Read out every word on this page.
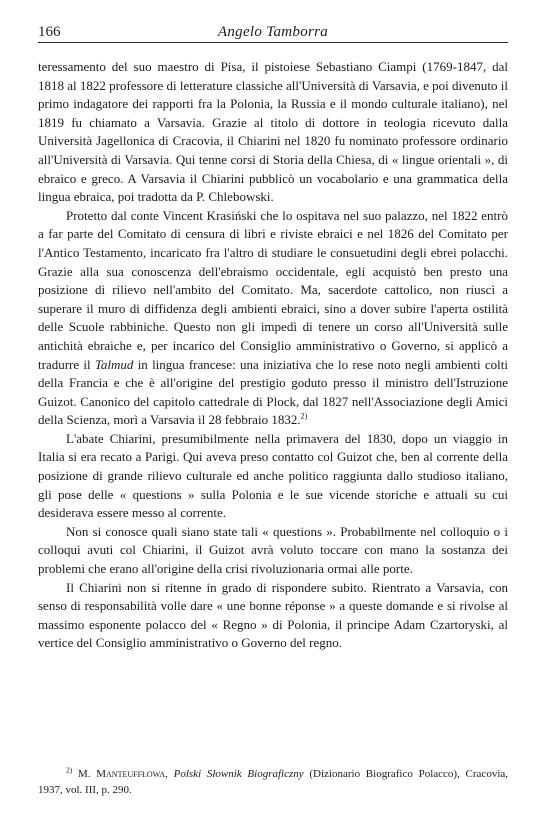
166	Angelo Tamborra

teressamento del suo maestro di Pisa, il pistoiese Sebastiano Ciampi (1769-1847, dal 1818 al 1822 professore di letterature classiche all'Università di Varsavia, e poi divenuto il primo indagatore dei rapporti fra la Polonia, la Russia e il mondo culturale italiano), nel 1819 fu chiamato a Varsavia. Grazie al titolo di dottore in teologia ricevuto dalla Università Jagellonica di Cracovia, il Chiarini nel 1820 fu nominato professore ordinario all'Università di Varsavia. Qui tenne corsi di Storia della Chiesa, di « lingue orientali », di ebraico e greco. A Varsavia il Chiarini pubblicò un vocabolario e una grammatica della lingua ebraica, poi tradotta da P. Chlebowski.

Protetto dal conte Vincent Krasiński che lo ospitava nel suo palazzo, nel 1822 entrò a far parte del Comitato di censura di libri e riviste ebraici e nel 1826 del Comitato per l'Antico Testamento, incaricato fra l'altro di studiare le consuetudini degli ebrei polacchi. Grazie alla sua conoscenza dell'ebraismo occidentale, egli acquistò ben presto una posizione di rilievo nell'ambito del Comitato. Ma, sacerdote cattolico, non riuscì a superare il muro di diffidenza degli ambienti ebraici, sino a dover subire l'aperta ostilità delle Scuole rabbiniche. Questo non gli impedì di tenere un corso all'Università sulle antichità ebraiche e, per incarico del Consiglio amministrativo o Governo, si applicò a tradurre il Talmud in lingua francese: una iniziativa che lo rese noto negli ambienti colti della Francia e che è all'origine del prestigio goduto presso il ministro dell'Istruzione Guizot. Canonico del capitolo cattedrale di Plock, dal 1827 nell'Associazione degli Amici della Scienza, morì a Varsavia il 28 febbraio 1832.$^{2)}$

L'abate Chiarini, presumibilmente nella primavera del 1830, dopo un viaggio in Italia si era recato a Parigi. Qui aveva preso contatto col Guizot che, ben al corrente della posizione di grande rilievo culturale ed anche politico raggiunta dallo studioso italiano, gli pose delle « questions » sulla Polonia e le sue vicende storiche e attuali su cui desiderava essere messo al corrente.

Non si conosce quali siano state tali « questions ». Probabilmente nel colloquio o i colloqui avuti col Chiarini, il Guizot avrà voluto toccare con mano la sostanza dei problemi che erano all'origine della crisi rivoluzionaria ormai alle porte.

Il Chiarini non si ritenne in grado di rispondere subito. Rientrato a Varsavia, con senso di responsabilità volle dare « une bonne réponse » a queste domande e si rivolse al massimo esponente polacco del « Regno » di Polonia, il principe Adam Czartoryski, al vertice del Consiglio amministrativo o Governo del regno.

$^{2)}$ M. Manteuffłowa, Polski Słownik Biograficzny (Dizionario Biografico Polacco), Cracovia, 1937, vol. III, p. 290.
